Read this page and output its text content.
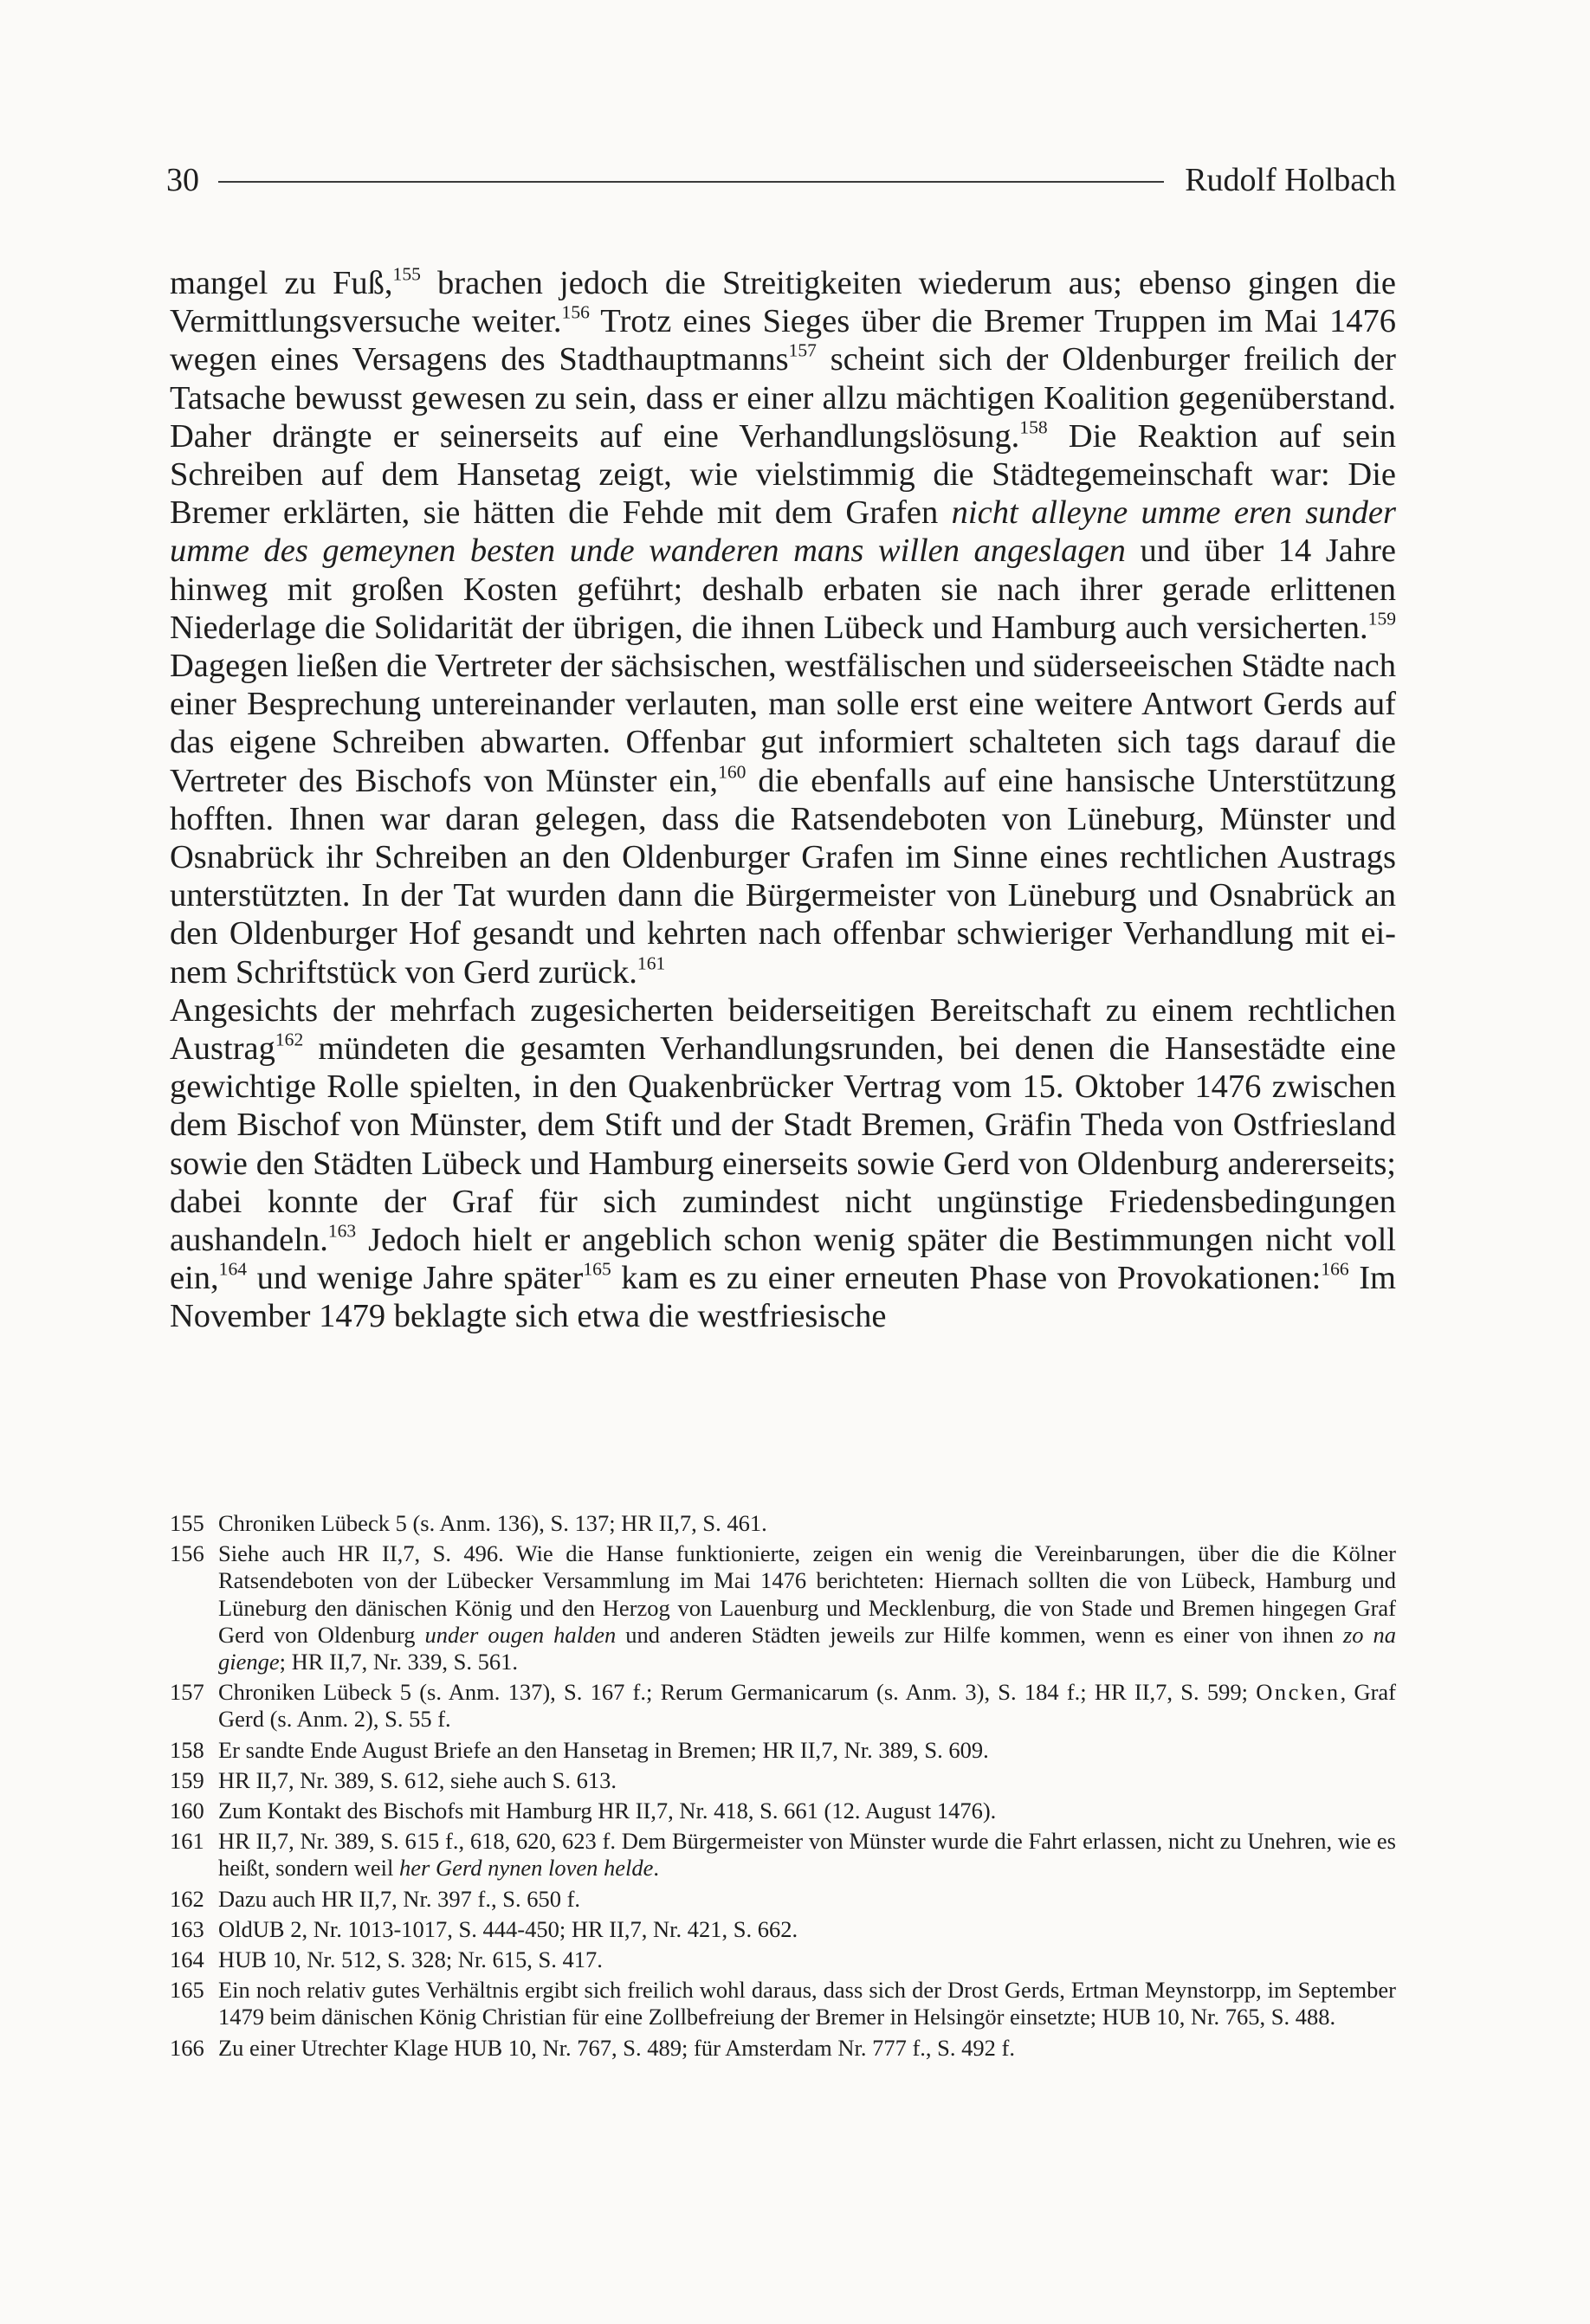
30	Rudolf Holbach

mangel zu Fuß,$^{155}$ brachen jedoch die Streitigkeiten wiederum aus; ebenso gingen die Vermittlungsversuche weiter.$^{156}$ Trotz eines Sieges über die Bremer Truppen im Mai 1476 wegen eines Versagens des Stadthauptmanns$^{157}$ scheint sich der Oldenburger freilich der Tatsache bewusst gewesen zu sein, dass er einer allzu mächtigen Koalition gegenüberstand. Daher drängte er seinerseits auf eine Verhandlungslösung.$^{158}$ Die Reaktion auf sein Schreiben auf dem Hansetag zeigt, wie vielstimmig die Städtegemeinschaft war: Die Bremer erklärten, sie hätten die Fehde mit dem Grafen nicht alleyne umme eren sunder umme des gemeynen besten unde wanderen mans willen angeslagen und über 14 Jahre hinweg mit großen Kosten geführt; deshalb erbaten sie nach ihrer gerade erlittenen Niederlage die Solidarität der übrigen, die ihnen Lübeck und Hamburg auch versicherten.$^{159}$ Dagegen ließen die Vertreter der sächsischen, westfälischen und süderseeischen Städte nach einer Besprechung untereinander verlauten, man solle erst eine weitere Antwort Gerds auf das eigene Schreiben abwarten. Offenbar gut informiert schalteten sich tags darauf die Vertreter des Bischofs von Münster ein,$^{160}$ die ebenfalls auf eine hansische Unterstützung hofften. Ihnen war daran gelegen, dass die Ratsendeboten von Lüneburg, Münster und Osnabrück ihr Schreiben an den Oldenburger Grafen im Sinne eines rechtlichen Austrags unterstützten. In der Tat wurden dann die Bürgermeister von Lüneburg und Osnabrück an den Oldenburger Hof gesandt und kehrten nach offenbar schwieriger Verhandlung mit einem Schriftstück von Gerd zurück.$^{161}$

Angesichts der mehrfach zugesicherten beiderseitigen Bereitschaft zu einem rechtlichen Austrag$^{162}$ mündeten die gesamten Verhandlungsrunden, bei denen die Hansestädte eine gewichtige Rolle spielten, in den Quakenbrücker Vertrag vom 15. Oktober 1476 zwischen dem Bischof von Münster, dem Stift und der Stadt Bremen, Gräfin Theda von Ostfriesland sowie den Städten Lübeck und Hamburg einerseits sowie Gerd von Oldenburg andererseits; dabei konnte der Graf für sich zumindest nicht ungünstige Friedensbedingungen aushandeln.$^{163}$ Jedoch hielt er angeblich schon wenig später die Bestimmungen nicht voll ein,$^{164}$ und wenige Jahre später$^{165}$ kam es zu einer erneuten Phase von Provokationen:$^{166}$ Im November 1479 beklagte sich etwa die westfriesische

155 Chroniken Lübeck 5 (s. Anm. 136), S. 137; HR II,7, S. 461.
156 Siehe auch HR II,7, S. 496. Wie die Hanse funktionierte, zeigen ein wenig die Vereinbarungen, über die die Kölner Ratsendeboten von der Lübecker Versammlung im Mai 1476 berichteten: Hiernach sollten die von Lübeck, Hamburg und Lüneburg den dänischen König und den Herzog von Lauenburg und Mecklenburg, die von Stade und Bremen hingegen Graf Gerd von Oldenburg under ougen halden und anderen Städten jeweils zur Hilfe kommen, wenn es einer von ihnen zo na gienge; HR II,7, Nr. 339, S. 561.
157 Chroniken Lübeck 5 (s. Anm. 137), S. 167 f.; Rerum Germanicarum (s. Anm. 3), S. 184 f.; HR II,7, S. 599; Oncken, Graf Gerd (s. Anm. 2), S. 55 f.
158 Er sandte Ende August Briefe an den Hansetag in Bremen; HR II,7, Nr. 389, S. 609.
159 HR II,7, Nr. 389, S. 612, siehe auch S. 613.
160 Zum Kontakt des Bischofs mit Hamburg HR II,7, Nr. 418, S. 661 (12. August 1476).
161 HR II,7, Nr. 389, S. 615 f., 618, 620, 623 f. Dem Bürgermeister von Münster wurde die Fahrt erlassen, nicht zu Unehren, wie es heißt, sondern weil her Gerd nynen loven helde.
162 Dazu auch HR II,7, Nr. 397 f., S. 650 f.
163 OldUB 2, Nr. 1013-1017, S. 444-450; HR II,7, Nr. 421, S. 662.
164 HUB 10, Nr. 512, S. 328; Nr. 615, S. 417.
165 Ein noch relativ gutes Verhältnis ergibt sich freilich wohl daraus, dass sich der Drost Gerds, Ertman Meynstorpp, im September 1479 beim dänischen König Christian für eine Zollbefreiung der Bremer in Helsingör einsetzte; HUB 10, Nr. 765, S. 488.
166 Zu einer Utrechter Klage HUB 10, Nr. 767, S. 489; für Amsterdam Nr. 777 f., S. 492 f.
